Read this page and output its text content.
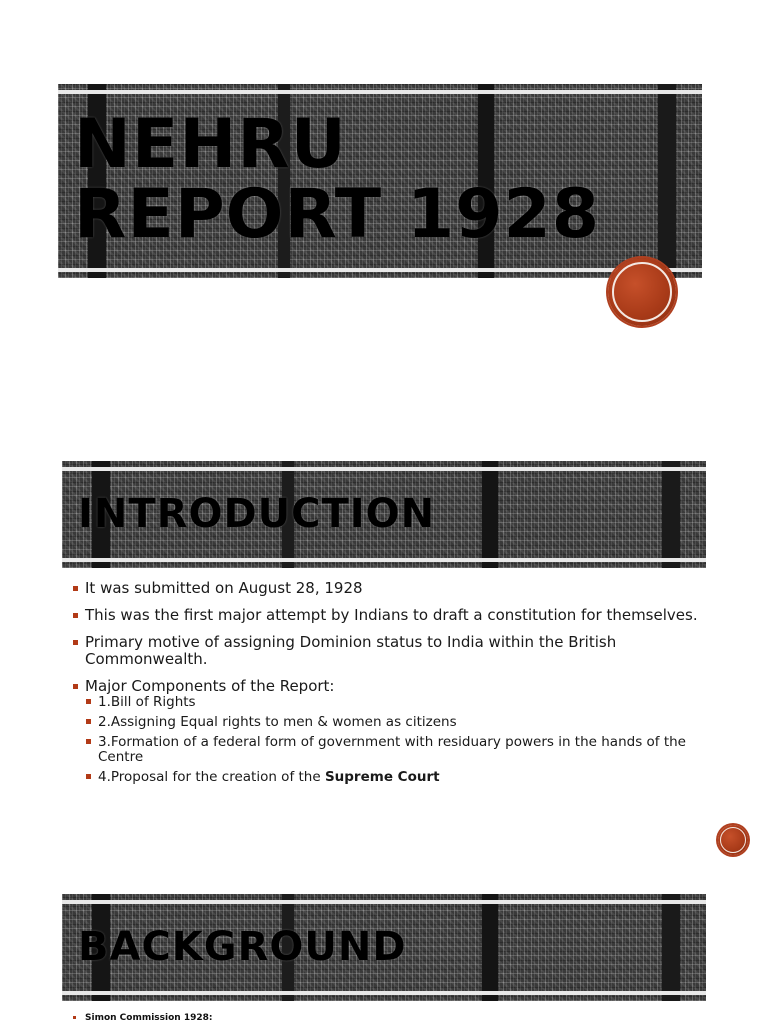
NEHRU
REPORT 1928
INTRODUCTION
It was submitted on August 28, 1928
This was the first major attempt by Indians to draft a constitution for themselves.
Primary motive of assigning Dominion status to India within the British Commonwealth.
Major Components of the Report:
1.Bill of Rights
2.Assigning Equal rights to men & women as citizens
3.Formation of a federal form of government with residuary powers in the hands of the Centre
4.Proposal for the creation of the Supreme Court
BACKGROUND
Simon Commission 1928:
